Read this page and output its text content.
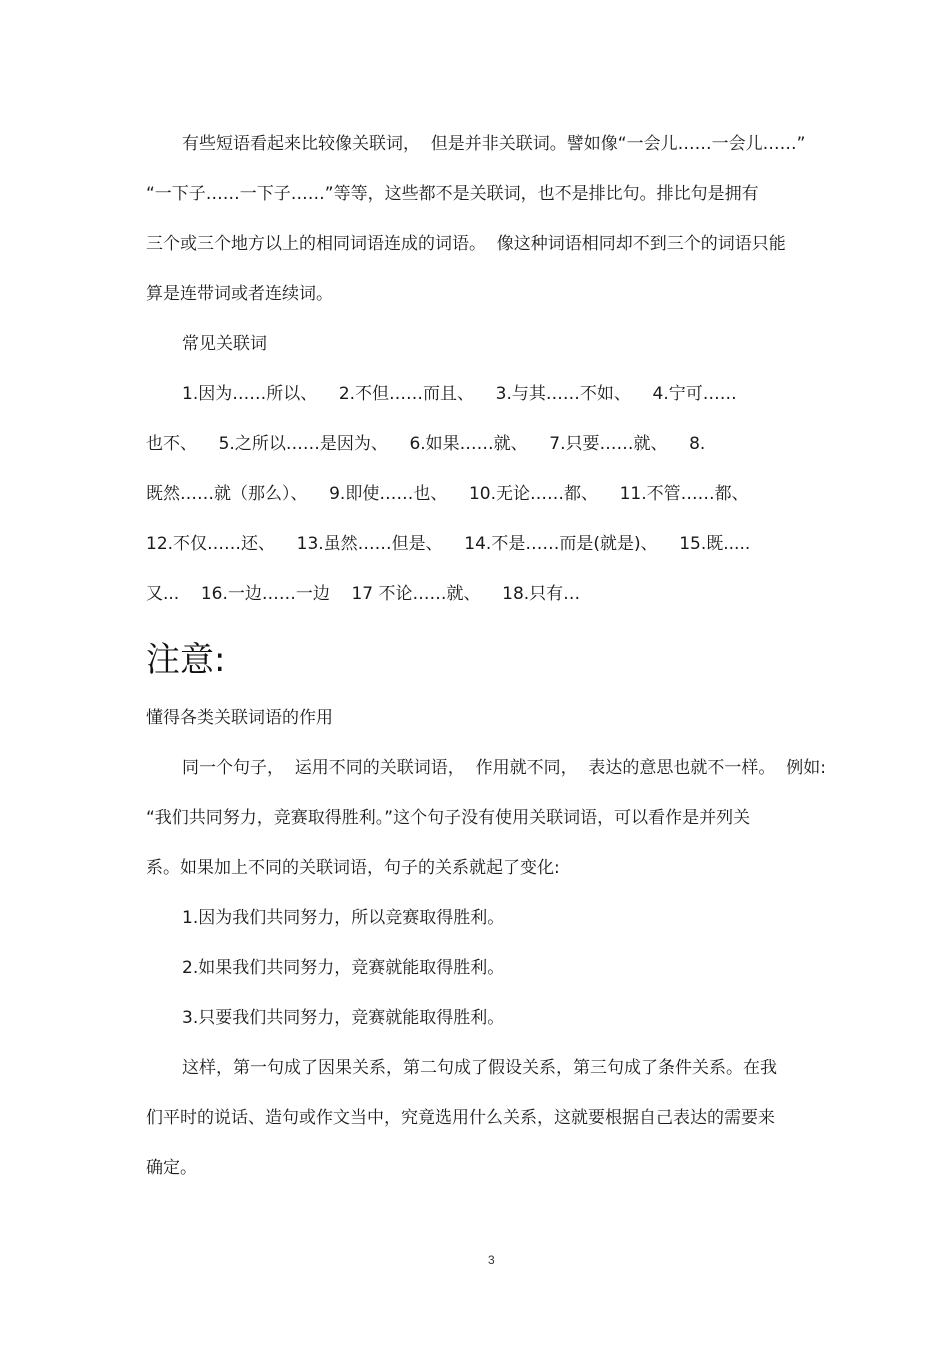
有些短语看起来比较像关联词，  但是并非关联词。譬如像“一会儿……一会儿……”
“一下子……一下子……”等等，这些都不是关联词，也不是排比句。排比句是拥有
三个或三个地方以上的相同词语连成的词语。  像这种词语相同却不到三个的词语只能
算是连带词或者连续词。
常见关联词
1.因为……所以、    2.不但……而且、    3.与其……不如、    4.宁可……
也不、    5.之所以……是因为、    6.如果……就、    7.只要……就、    8.
既然……就（那么）、    9.即使……也、    10.无论……都、    11.不管……都、
12.不仅……还、    13.虽然……但是、    14.不是……而是(就是)、    15.既.....
又...    16.一边……一边    17 不论……就、    18.只有…
注意:
懂得各类关联词语的作用
同一个句子，  运用不同的关联词语，  作用就不同，  表达的意思也就不一样。  例如:
“我们共同努力，竞赛取得胜利。”这个句子没有使用关联词语，可以看作是并列关
系。如果加上不同的关联词语，句子的关系就起了变化:
1.因为我们共同努力，所以竞赛取得胜利。
2.如果我们共同努力，竞赛就能取得胜利。
3.只要我们共同努力，竞赛就能取得胜利。
这样，第一句成了因果关系，第二句成了假设关系，第三句成了条件关系。在我
们平时的说话、造句或作文当中，究竟选用什么关系，这就要根据自己表达的需要来
确定。
3
